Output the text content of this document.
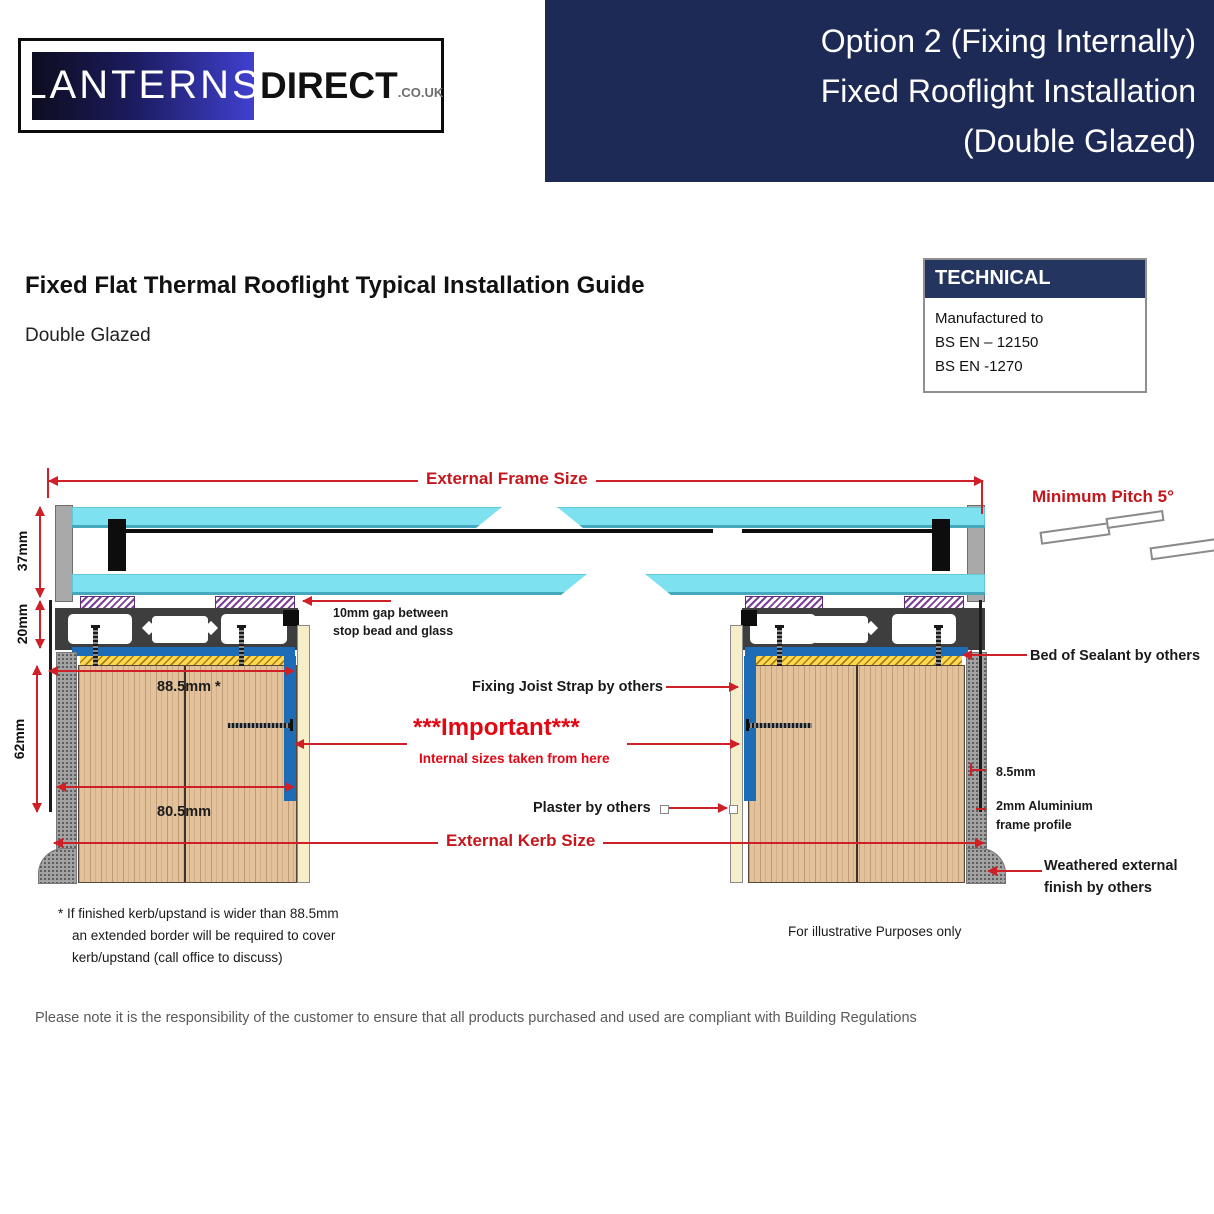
LANTERNS
DIRECT .CO.UK
Option 2 (Fixing Internally)
Fixed Rooflight Installation
(Double Glazed)
Fixed Flat Thermal Rooflight Typical Installation Guide
Double Glazed
TECHNICAL
Manufactured to
BS EN – 12150
BS EN -1270
External Frame Size
37mm
20mm
62mm
88.5mm *
80.5mm
External Kerb Size
Minimum Pitch 5°
10mm gap between
stop bead and glass
Fixing Joist Strap by others
***Important***
Internal sizes taken from here
Plaster by others
Bed of Sealant by others
8.5mm
2mm Aluminium
frame profile
Weathered external
finish by others
* If finished kerb/upstand is wider than 88.5mm
an extended border will be required to cover
kerb/upstand (call office to discuss)
For illustrative Purposes only
Please note it is the responsibility of the customer to ensure that all products purchased and used are compliant with Building Regulations
